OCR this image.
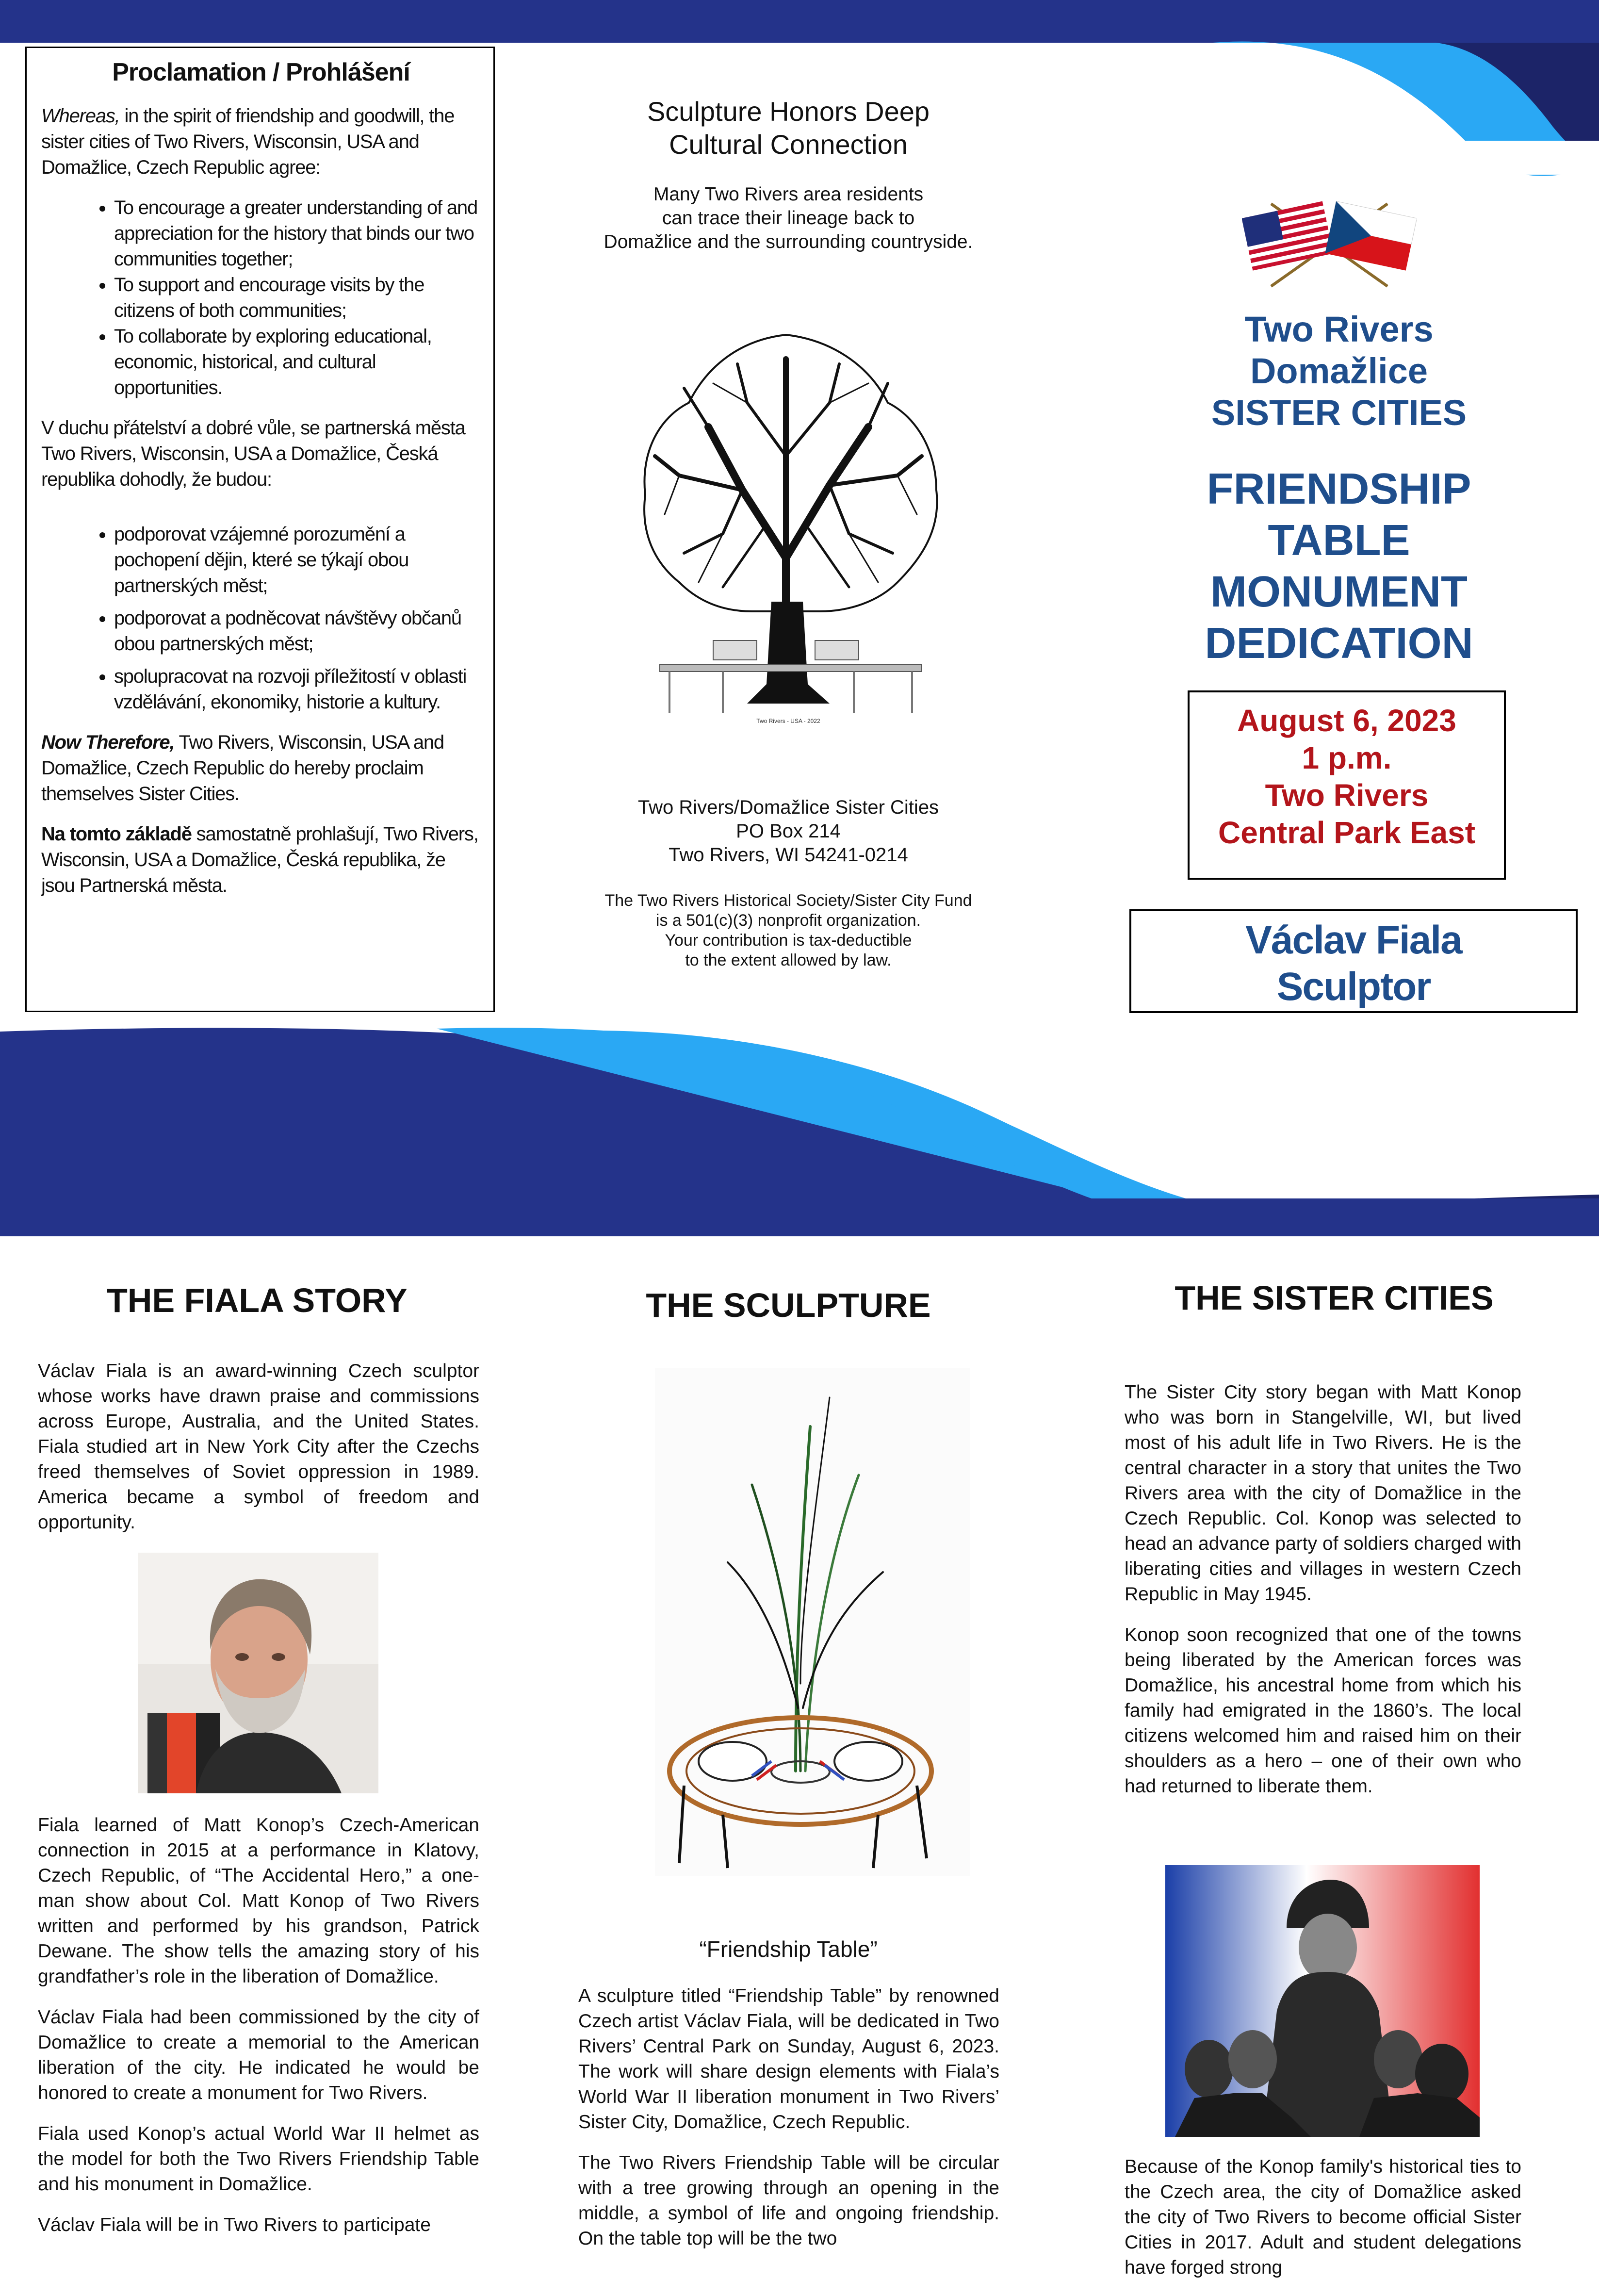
Proclamation / Prohlášení

Whereas, in the spirit of friendship and goodwill, the sister cities of Two Rivers, Wisconsin, USA and Domažlice, Czech Republic agree:

• To encourage a greater understanding of and appreciation for the history that binds our two communities together;
• To support and encourage visits by the citizens of both communities;
• To collaborate by exploring educational, economic, historical, and cultural opportunities.

V duchu přátelství a dobré vůle, se partnerská města Two Rivers, Wisconsin, USA a Domažlice, Česká republika dohodly, že budou:

• podporovat vzájemné porozumění a pochopení dějin, které se týkají obou partnerských měst;
• podporovat a podněcovat návštěvy občanů obou partnerských měst;
• spolupracovat na rozvoji příležitostí v oblasti vzdělávání, ekonomiky, historie a kultury.

Now Therefore, Two Rivers, Wisconsin, USA and Domažlice, Czech Republic do hereby proclaim themselves Sister Cities.

Na tomto základě samostatně prohlašují, Two Rivers, Wisconsin, USA a Domažlice, Česká republika, že jsou Partnerská města.

Sculpture Honors Deep
Cultural Connection
Many Two Rivers area residents
can trace their lineage back to
Domažlice and the surrounding countryside.
Two Rivers - USA - 2022
Two Rivers/Domažlice Sister Cities
PO Box 214
Two Rivers, WI 54241-0214
The Two Rivers Historical Society/Sister City Fund
is a 501(c)(3) nonprofit organization.
Your contribution is tax-deductible
to the extent allowed by law.
Two Rivers
Domažlice
SISTER CITIES
FRIENDSHIP
TABLE
MONUMENT
DEDICATION
August 6, 2023
1 p.m.
Two Rivers
Central Park East
Václav Fiala
Sculptor
THE FIALA STORY

Václav Fiala is an award-winning Czech sculptor whose works have drawn praise and commissions across Europe, Australia, and the United States. Fiala studied art in New York City after the Czechs freed themselves of Soviet oppression in 1989. America became a symbol of freedom and opportunity.

Fiala learned of Matt Konop’s Czech-American connection in 2015 at a performance in Klatovy, Czech Republic, of “The Accidental Hero,” a one-man show about Col. Matt Konop of Two Rivers written and performed by his grandson, Patrick Dewane. The show tells the amazing story of his grandfather’s role in the liberation of Domažlice.

Václav Fiala had been commissioned by the city of Domažlice to create a memorial to the American liberation of the city. He indicated he would be honored to create a monument for Two Rivers.

Fiala used Konop’s actual World War II helmet as the model for both the Two Rivers Friendship Table and his monument in Domažlice.

Václav Fiala will be in Two Rivers to participate

THE SCULPTURE
“Friendship Table”

A sculpture titled “Friendship Table” by renowned Czech artist Václav Fiala, will be dedicated in Two Rivers’ Central Park on Sunday, August 6, 2023. The work will share design elements with Fiala’s World War II liberation monument in Two Rivers’ Sister City, Domažlice, Czech Republic.

The Two Rivers Friendship Table will be circular with a tree growing through an opening in the middle, a symbol of life and ongoing friendship. On the table top will be the two

THE SISTER CITIES

The Sister City story began with Matt Konop who was born in Stangelville, WI, but lived most of his adult life in Two Rivers. He is the central character in a story that unites the Two Rivers area with the city of Domažlice in the Czech Republic. Col. Konop was selected to head an advance party of soldiers charged with liberating cities and villages in western Czech Republic in May 1945.

Konop soon recognized that one of the towns being liberated by the American forces was Domažlice, his ancestral home from which his family had emigrated in the 1860’s. The local citizens welcomed him and raised him on their shoulders as a hero – one of their own who had returned to liberate them.

Because of the Konop family's historical ties to the Czech area, the city of Domažlice asked the city of Two Rivers to become official Sister Cities in 2017. Adult and student delegations have forged strong
